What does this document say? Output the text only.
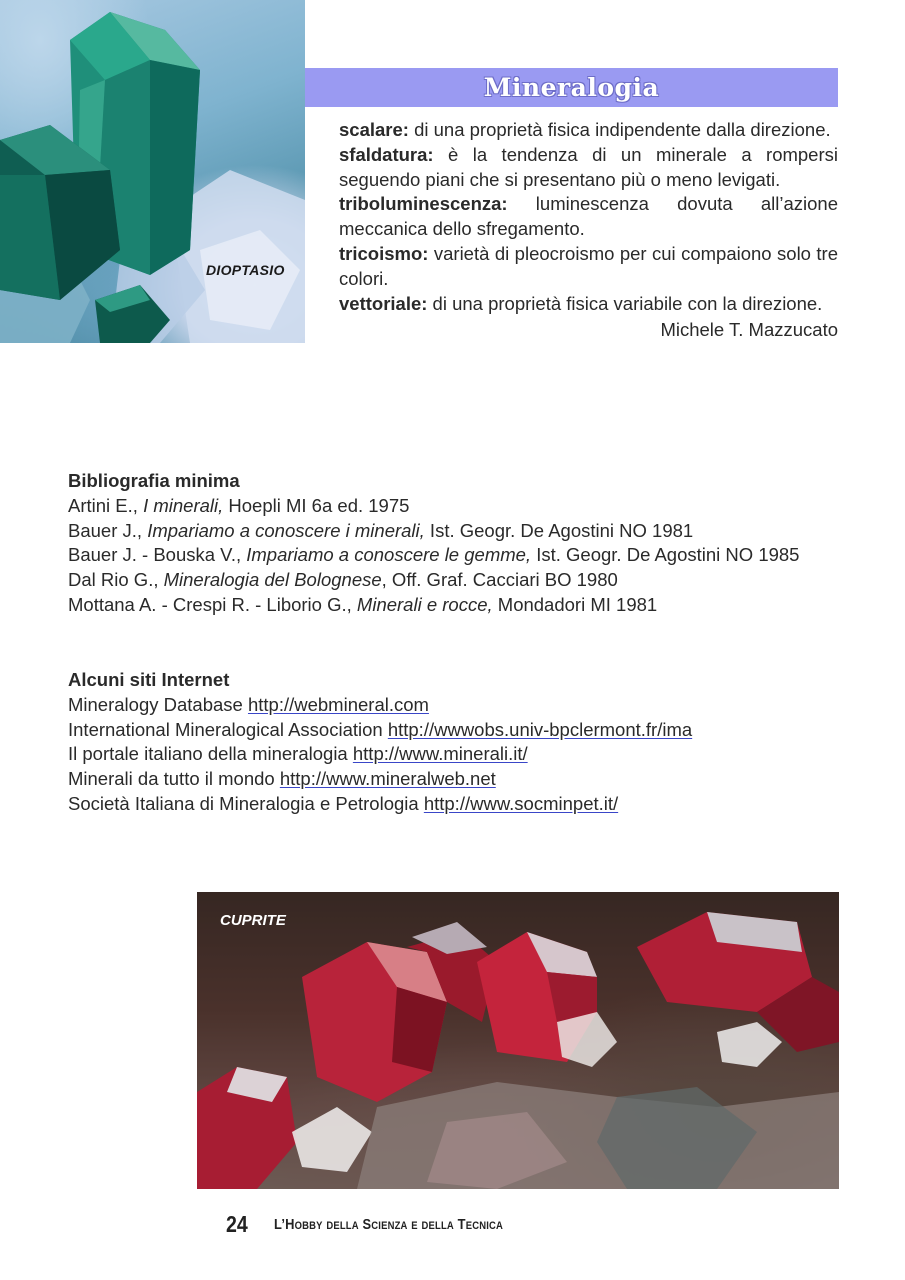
DIOPTASIO
Mineralogia

scalare: di una proprietà fisica indipendente dalla direzione.

sfaldatura: è la tendenza di un minerale a rompersi seguendo piani che si presentano più o meno levigati.

triboluminescenza: luminescenza dovuta all’azione meccanica dello sfregamento.

tricoismo: varietà di pleocroismo per cui compaiono solo tre colori.

vettoriale: di una proprietà fisica variabile con la direzione.

Michele T. Mazzucato

Bibliografia minima

Artini E., I minerali, Hoepli MI 6a ed. 1975

Bauer J., Impariamo a conoscere i minerali, Ist. Geogr. De Agostini NO 1981

Bauer J. - Bouska V., Impariamo a conoscere le gemme, Ist. Geogr. De Agostini NO 1985

Dal Rio G., Mineralogia del Bolognese, Off. Graf. Cacciari BO 1980

Mottana A. - Crespi R. - Liborio G., Minerali e rocce, Mondadori MI 1981

Alcuni siti Internet

Mineralogy Database http://webmineral.com

International Mineralogical Association http://wwwobs.univ-bpclermont.fr/ima

Il portale italiano della mineralogia http://www.minerali.it/

Minerali da tutto il mondo http://www.mineralweb.net

Società Italiana di Mineralogia e Petrologia http://www.socminpet.it/

CUPRITE
24 L’Hobby della Scienza e della Tecnica
